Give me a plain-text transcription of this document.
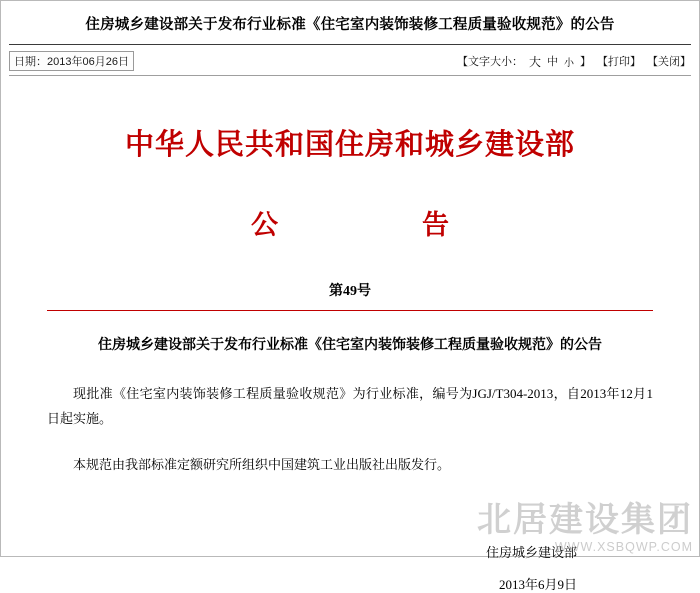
住房城乡建设部关于发布行业标准《住宅室内装饰装修工程质量验收规范》的公告
日期：2013年06月26日	【文字大小： 大 中 小 】 【打印】 【关闭】
中华人民共和国住房和城乡建设部
公　　告
第49号
住房城乡建设部关于发布行业标准《住宅室内装饰装修工程质量验收规范》的公告
现批准《住宅室内装饰装修工程质量验收规范》为行业标准，编号为JGJ/T304-2013，自2013年12月1日起实施。
本规范由我部标准定额研究所组织中国建筑工业出版社出版发行。
住房城乡建设部
2013年6月9日
北居建设集团
WWW.XSBQWP.COM
